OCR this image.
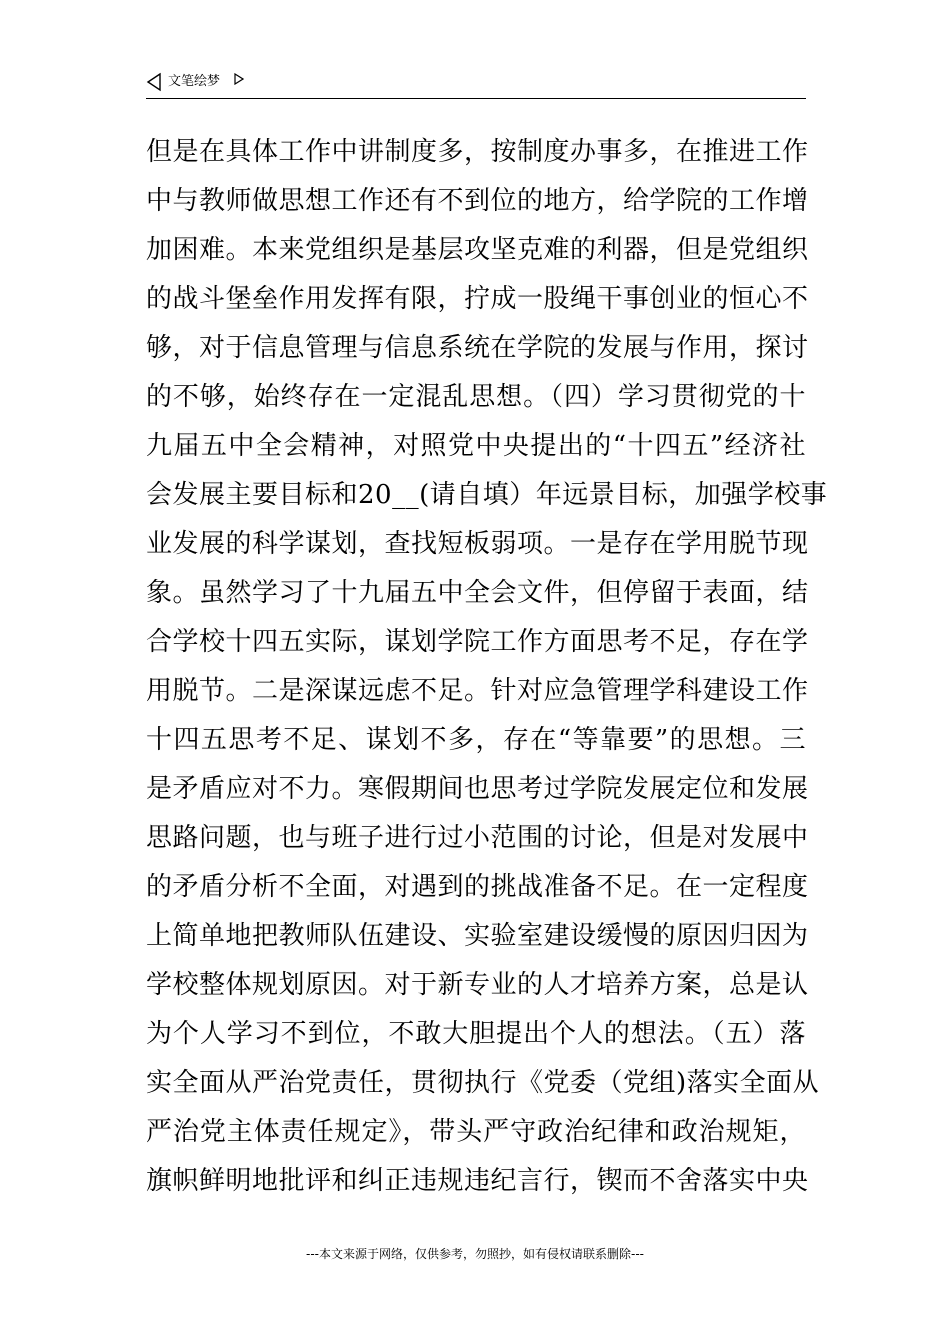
文笔绘梦
但是在具体工作中讲制度多，按制度办事多，在推进工作
中与教师做思想工作还有不到位的地方，给学院的工作增
加困难。本来党组织是基层攻坚克难的利器，但是党组织
的战斗堡垒作用发挥有限，拧成一股绳干事创业的恒心不
够，对于信息管理与信息系统在学院的发展与作用，探讨
的不够，始终存在一定混乱思想。（四）学习贯彻党的十
九届五中全会精神，对照党中央提出的“十四五”经济社
会发展主要目标和20__(请自填）年远景目标，加强学校事
业发展的科学谋划，查找短板弱项。一是存在学用脱节现
象。虽然学习了十九届五中全会文件，但停留于表面，结
合学校十四五实际，谋划学院工作方面思考不足，存在学
用脱节。二是深谋远虑不足。针对应急管理学科建设工作
十四五思考不足、谋划不多，存在“等靠要”的思想。三
是矛盾应对不力。寒假期间也思考过学院发展定位和发展
思路问题，也与班子进行过小范围的讨论，但是对发展中
的矛盾分析不全面，对遇到的挑战准备不足。在一定程度
上简单地把教师队伍建设、实验室建设缓慢的原因归因为
学校整体规划原因。对于新专业的人才培养方案，总是认
为个人学习不到位，不敢大胆提出个人的想法。（五）落
实全面从严治党责任，贯彻执行《党委（党组)落实全面从
严治党主体责任规定》，带头严守政治纪律和政治规矩，
旗帜鲜明地批评和纠正违规违纪言行，锲而不舍落实中央
---本文来源于网络，仅供参考，勿照抄，如有侵权请联系删除---
